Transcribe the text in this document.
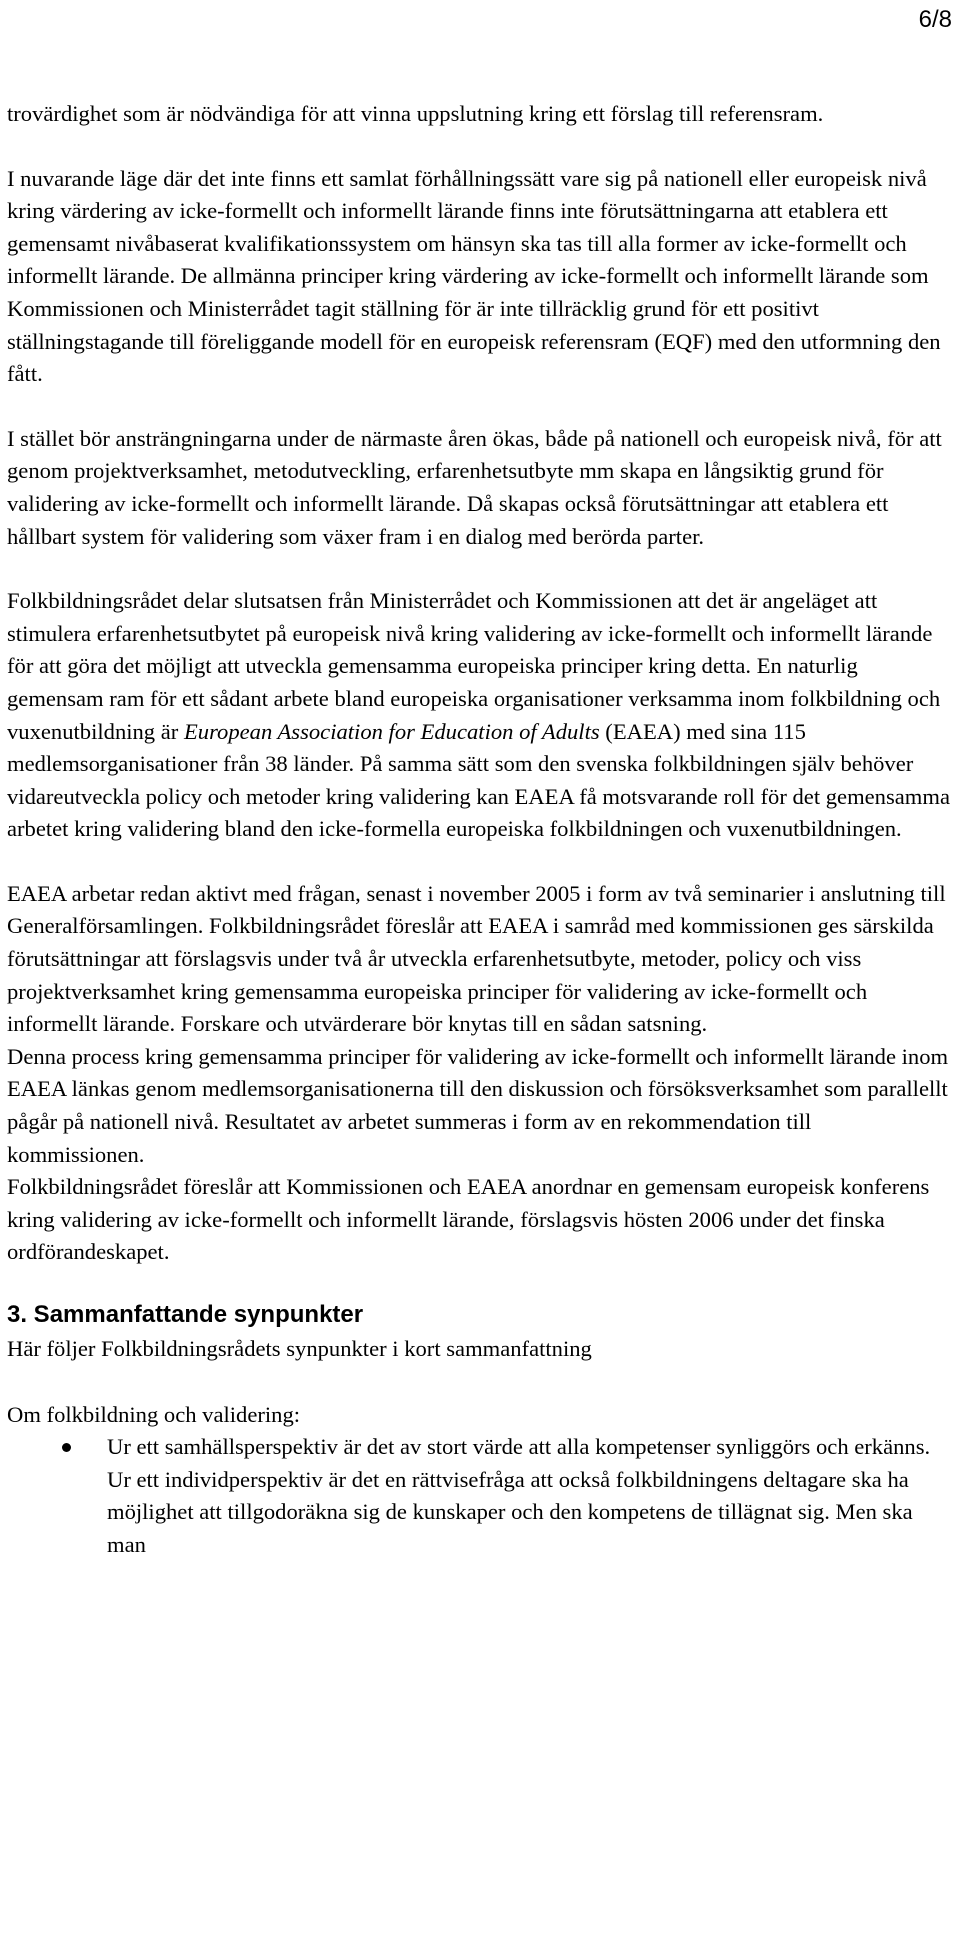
6/8

trovärdighet som är nödvändiga för att vinna uppslutning kring ett förslag till referensram.

I nuvarande läge där det inte finns ett samlat förhållningssätt vare sig på nationell eller europeisk nivå kring värdering av icke-formellt och informellt lärande finns inte förutsättningarna att etablera ett gemensamt nivåbaserat kvalifikationssystem om hänsyn ska tas till alla former av icke-formellt och informellt lärande. De allmänna principer kring värdering av icke-formellt och informellt lärande som Kommissionen och Ministerrådet tagit ställning för är inte tillräcklig grund för ett positivt ställningstagande till föreliggande modell för en europeisk referensram (EQF) med den utformning den fått.

I stället bör ansträngningarna under de närmaste åren ökas, både på nationell och europeisk nivå, för att genom projektverksamhet, metodutveckling, erfarenhetsutbyte mm skapa en långsiktig grund för validering av icke-formellt och informellt lärande. Då skapas också förutsättningar att etablera ett hållbart system för validering som växer fram i en dialog med berörda parter.

Folkbildningsrådet delar slutsatsen från Ministerrådet och Kommissionen att det är angeläget att stimulera erfarenhetsutbytet på europeisk nivå kring validering av icke-formellt och informellt lärande för att göra det möjligt att utveckla gemensamma europeiska principer kring detta. En naturlig gemensam ram för ett sådant arbete bland europeiska organisationer verksamma inom folkbildning och vuxenutbildning är European Association for Education of Adults (EAEA) med sina 115 medlemsorganisationer från 38 länder. På samma sätt som den svenska folkbildningen själv behöver vidareutveckla policy och metoder kring validering kan EAEA få motsvarande roll för det gemensamma arbetet kring validering bland den icke-formella europeiska folkbildningen och vuxenutbildningen.

EAEA arbetar redan aktivt med frågan, senast i november 2005 i form av två seminarier i anslutning till Generalförsamlingen. Folkbildningsrådet föreslår att EAEA i samråd med kommissionen ges särskilda förutsättningar att förslagsvis under två år utveckla erfarenhetsutbyte, metoder, policy och viss projektverksamhet kring gemensamma europeiska principer för validering av icke-formellt och informellt lärande. Forskare och utvärderare bör knytas till en sådan satsning.

Denna process kring gemensamma principer för validering av icke-formellt och informellt lärande inom EAEA länkas genom medlemsorganisationerna till den diskussion och försöksverksamhet som parallellt pågår på nationell nivå. Resultatet av arbetet summeras i form av en rekommendation till kommissionen.

Folkbildningsrådet föreslår att Kommissionen och EAEA anordnar en gemensam europeisk konferens kring validering av icke-formellt och informellt lärande, förslagsvis hösten 2006 under det finska ordförandeskapet.

3. Sammanfattande synpunkter

Här följer Folkbildningsrådets synpunkter i kort sammanfattning

Om folkbildning och validering:

Ur ett samhällsperspektiv är det av stort värde att alla kompetenser synliggörs och erkänns. Ur ett individperspektiv är det en rättvisefråga att också folkbildningens deltagare ska ha möjlighet att tillgodoräkna sig de kunskaper och den kompetens de tillägnat sig. Men ska man
